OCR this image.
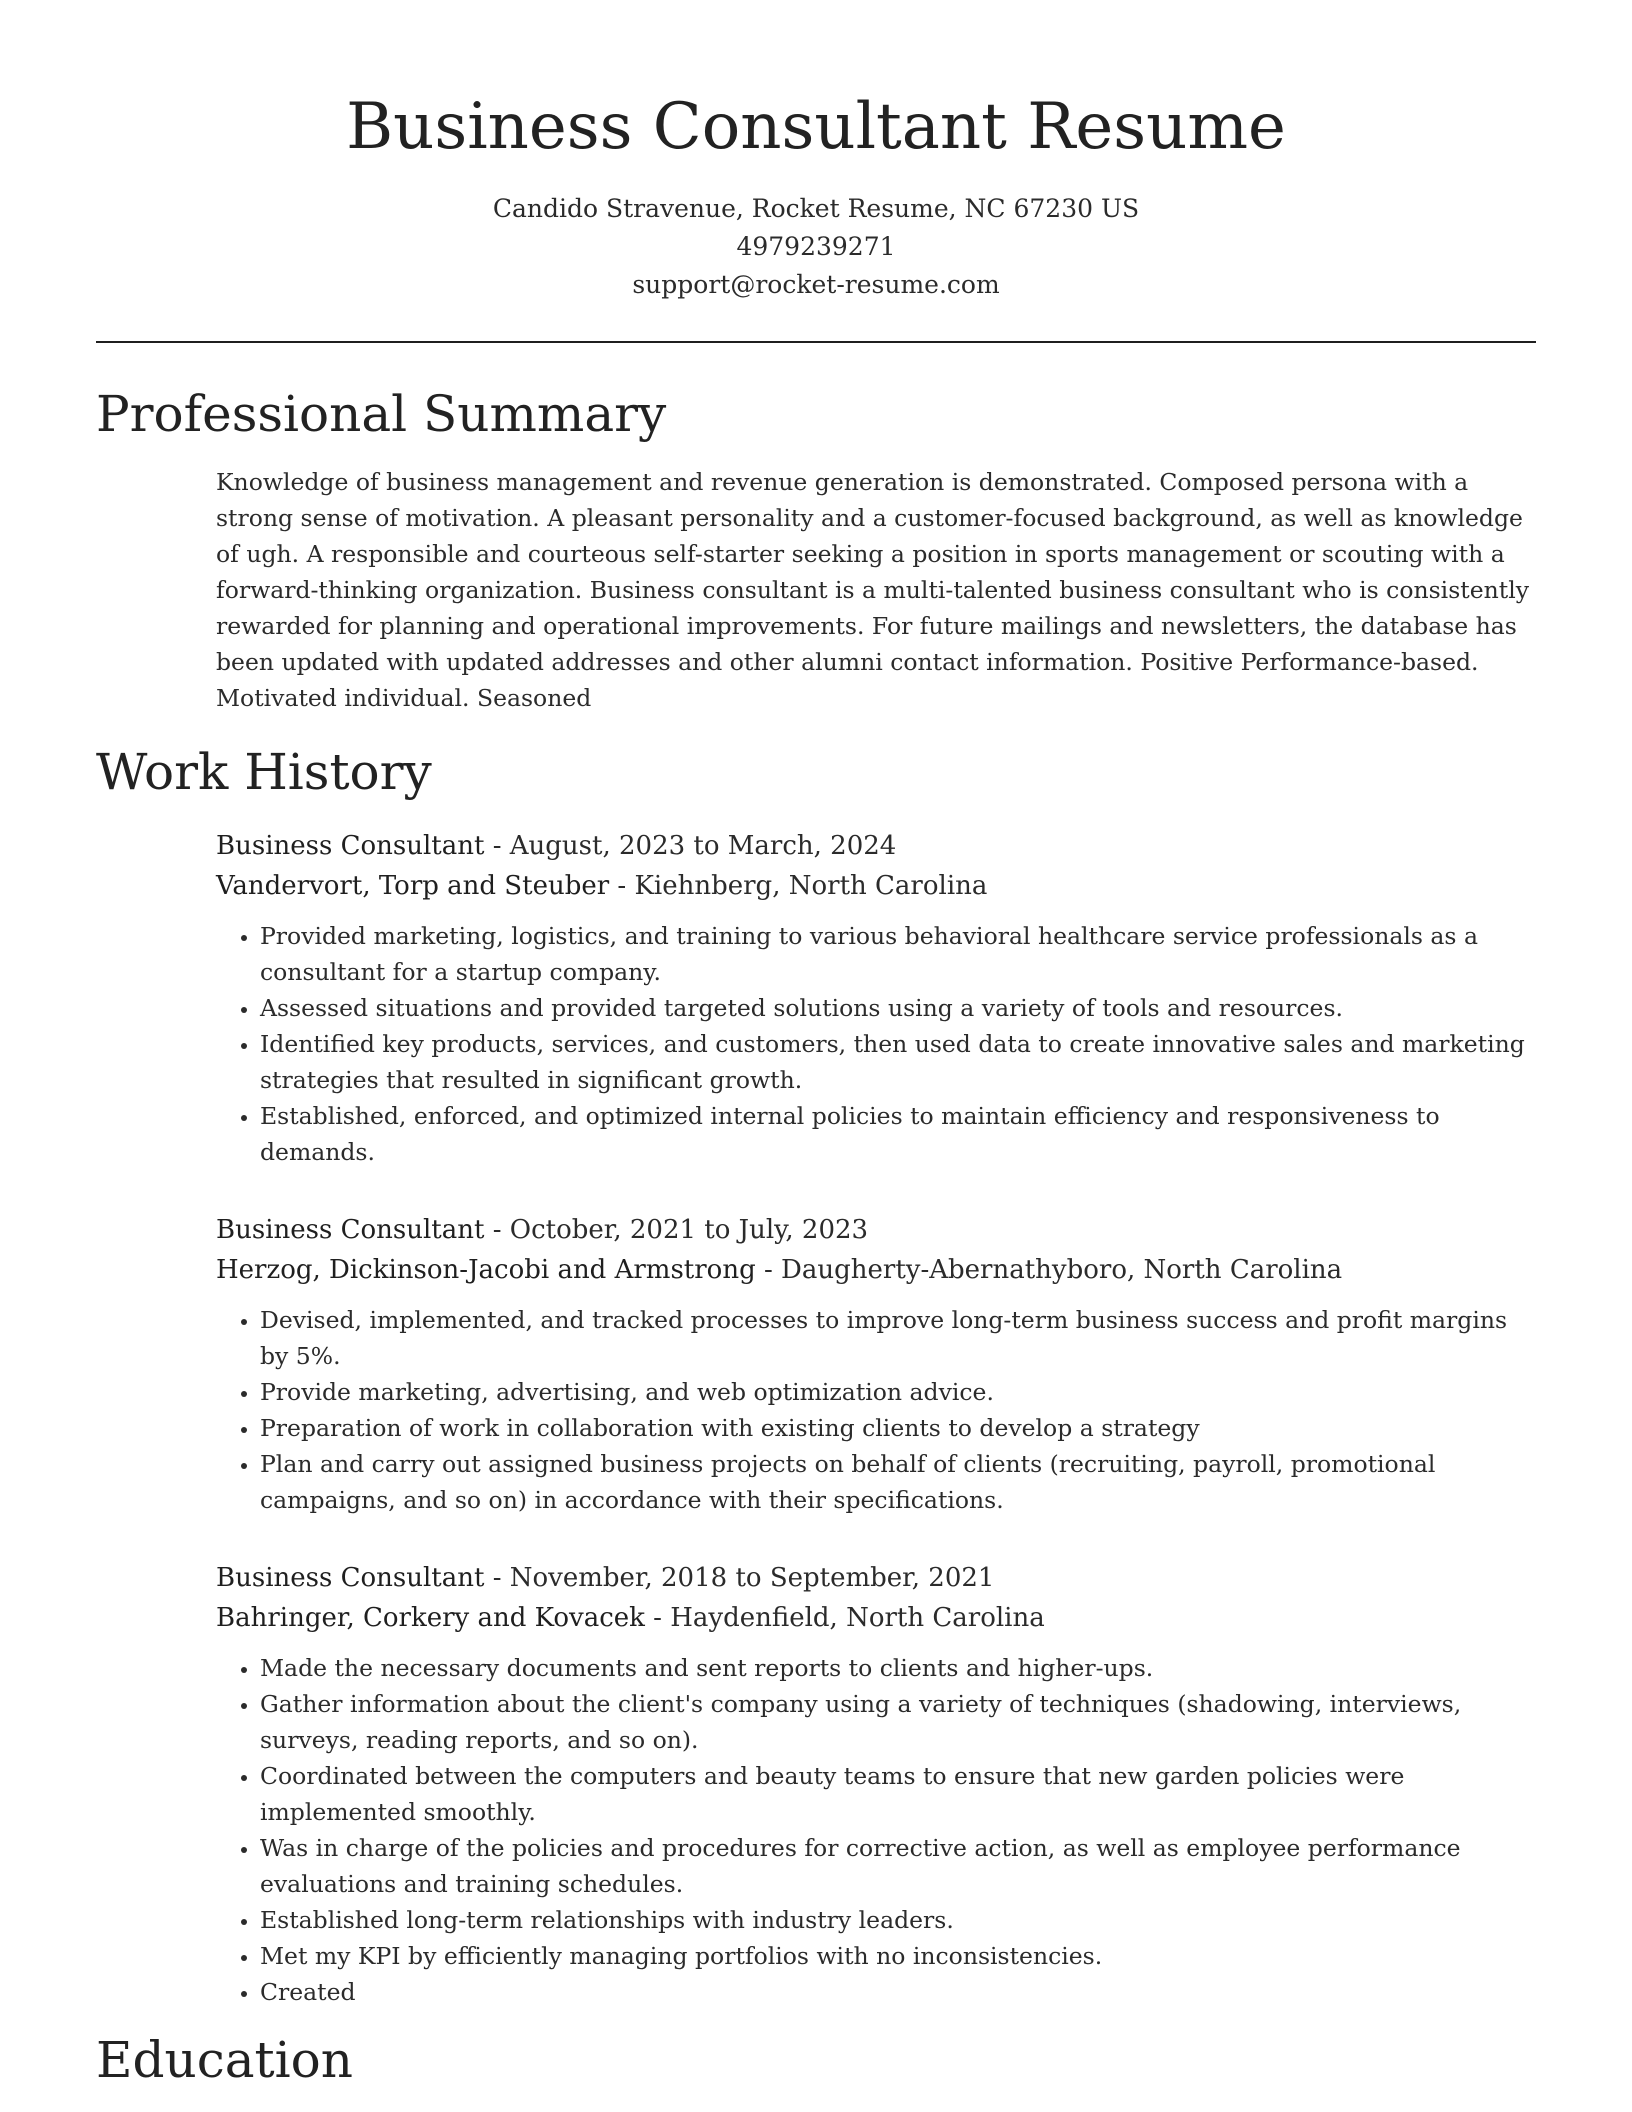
Business Consultant Resume
Candido Stravenue, Rocket Resume, NC 67230 US
4979239271
support@rocket-resume.com
Professional Summary

Knowledge of business management and revenue generation is demonstrated. Composed persona with a strong sense of motivation. A pleasant personality and a customer-focused background, as well as knowledge of ugh. A responsible and courteous self-starter seeking a position in sports management or scouting with a forward-thinking organization. Business consultant is a multi-talented business consultant who is consistently rewarded for planning and operational improvements. For future mailings and newsletters, the database has been updated with updated addresses and other alumni contact information. Positive Performance-based. Motivated individual. Seasoned

Work History
Business Consultant - August, 2023 to March, 2024
Vandervort, Torp and Steuber - Kiehnberg, North Carolina
• Provided marketing, logistics, and training to various behavioral healthcare service professionals as a consultant for a startup company.
• Assessed situations and provided targeted solutions using a variety of tools and resources.
• Identified key products, services, and customers, then used data to create innovative sales and marketing strategies that resulted in significant growth.
• Established, enforced, and optimized internal policies to maintain efficiency and responsiveness to demands.
Business Consultant - October, 2021 to July, 2023
Herzog, Dickinson-Jacobi and Armstrong - Daugherty-Abernathyboro, North Carolina
• Devised, implemented, and tracked processes to improve long-term business success and profit margins by 5%.
• Provide marketing, advertising, and web optimization advice.
• Preparation of work in collaboration with existing clients to develop a strategy
• Plan and carry out assigned business projects on behalf of clients (recruiting, payroll, promotional campaigns, and so on) in accordance with their specifications.
Business Consultant - November, 2018 to September, 2021
Bahringer, Corkery and Kovacek - Haydenfield, North Carolina
• Made the necessary documents and sent reports to clients and higher-ups.
• Gather information about the client's company using a variety of techniques (shadowing, interviews, surveys, reading reports, and so on).
• Coordinated between the computers and beauty teams to ensure that new garden policies were implemented smoothly.
• Was in charge of the policies and procedures for corrective action, as well as employee performance evaluations and training schedules.
• Established long-term relationships with industry leaders.
• Met my KPI by efficiently managing portfolios with no inconsistencies.
• Created
Education
